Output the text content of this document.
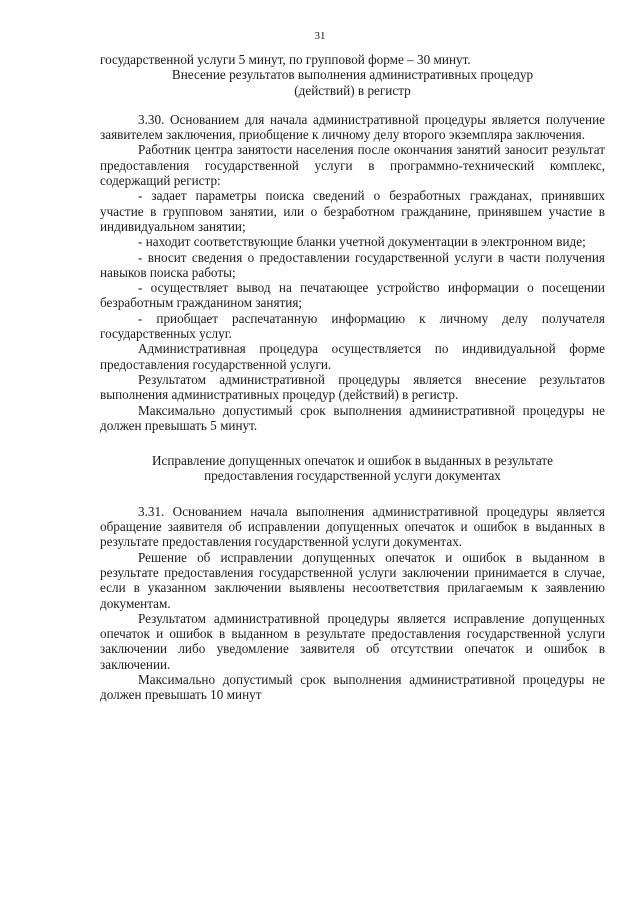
31

государственной услуги 5 минут, по групповой форме – 30 минут.

Внесение результатов выполнения административных процедур (действий) в регистр

3.30. Основанием для начала административной процедуры является получение заявителем заключения, приобщение к личному делу второго экземпляра заключения.

Работник центра занятости населения после окончания занятий заносит результат предоставления государственной услуги в программно-технический комплекс, содержащий регистр:

- задает параметры поиска сведений о безработных гражданах, принявших участие в групповом занятии, или о безработном гражданине, принявшем участие в индивидуальном занятии;

- находит соответствующие бланки учетной документации в электронном виде;

- вносит сведения о предоставлении государственной услуги в части получения навыков поиска работы;

- осуществляет вывод на печатающее устройство информации о посещении безработным гражданином занятия;

- приобщает распечатанную информацию к личному делу получателя государственных услуг.

Административная процедура осуществляется по индивидуальной форме предоставления государственной услуги.

Результатом административной процедуры является внесение результатов выполнения административных процедур (действий) в регистр.

Максимально допустимый срок выполнения административной процедуры не должен превышать 5 минут.

Исправление допущенных опечаток и ошибок в выданных в результате предоставления государственной услуги документах

3.31. Основанием начала выполнения административной процедуры является обращение заявителя об исправлении допущенных опечаток и ошибок в выданных в результате предоставления государственной услуги документах.

Решение об исправлении допущенных опечаток и ошибок в выданном в результате предоставления государственной услуги заключении принимается в случае, если в указанном заключении выявлены несоответствия прилагаемым к заявлению документам.

Результатом административной процедуры является исправление допущенных опечаток и ошибок в выданном в результате предоставления государственной услуги заключении либо уведомление заявителя об отсутствии опечаток и ошибок в заключении.

Максимально допустимый срок выполнения административной процедуры не должен превышать 10 минут
